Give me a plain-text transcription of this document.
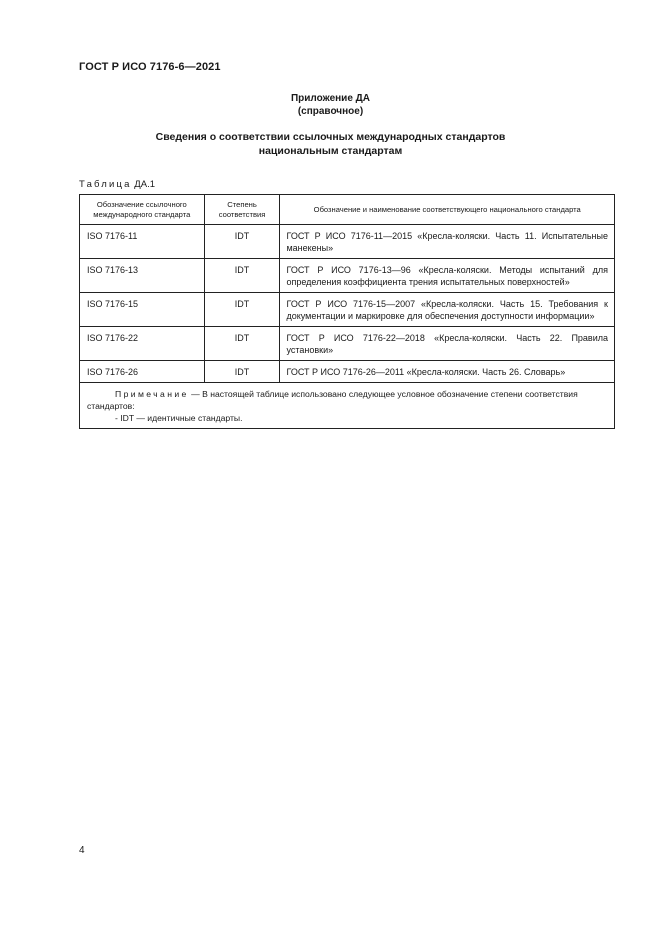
ГОСТ Р ИСО 7176-6—2021
Приложение ДА
(справочное)
Сведения о соответствии ссылочных международных стандартов
национальным стандартам
Таблица ДА.1
Обозначение ссылочного международного стандарта	Степень соответствия	Обозначение и наименование соответствующего национального стандарта
ISO 7176-11	IDT	ГОСТ Р ИСО 7176-11—2015 «Кресла-коляски. Часть 11. Испытательные манекены»
ISO 7176-13	IDT	ГОСТ Р ИСО 7176-13—96 «Кресла-коляски. Методы испытаний для определения коэффициента трения испытательных поверхностей»
ISO 7176-15	IDT	ГОСТ Р ИСО 7176-15—2007 «Кресла-коляски. Часть 15. Требования к документации и маркировке для обеспечения доступности информации»
ISO 7176-22	IDT	ГОСТ Р ИСО 7176-22—2018 «Кресла-коляски. Часть 22. Правила установки»
ISO 7176-26	IDT	ГОСТ Р ИСО 7176-26—2011 «Кресла-коляски. Часть 26. Словарь»
Примечание — В настоящей таблице использовано следующее условное обозначение степени соответствия стандартов:
- IDT — идентичные стандарты.		
4
